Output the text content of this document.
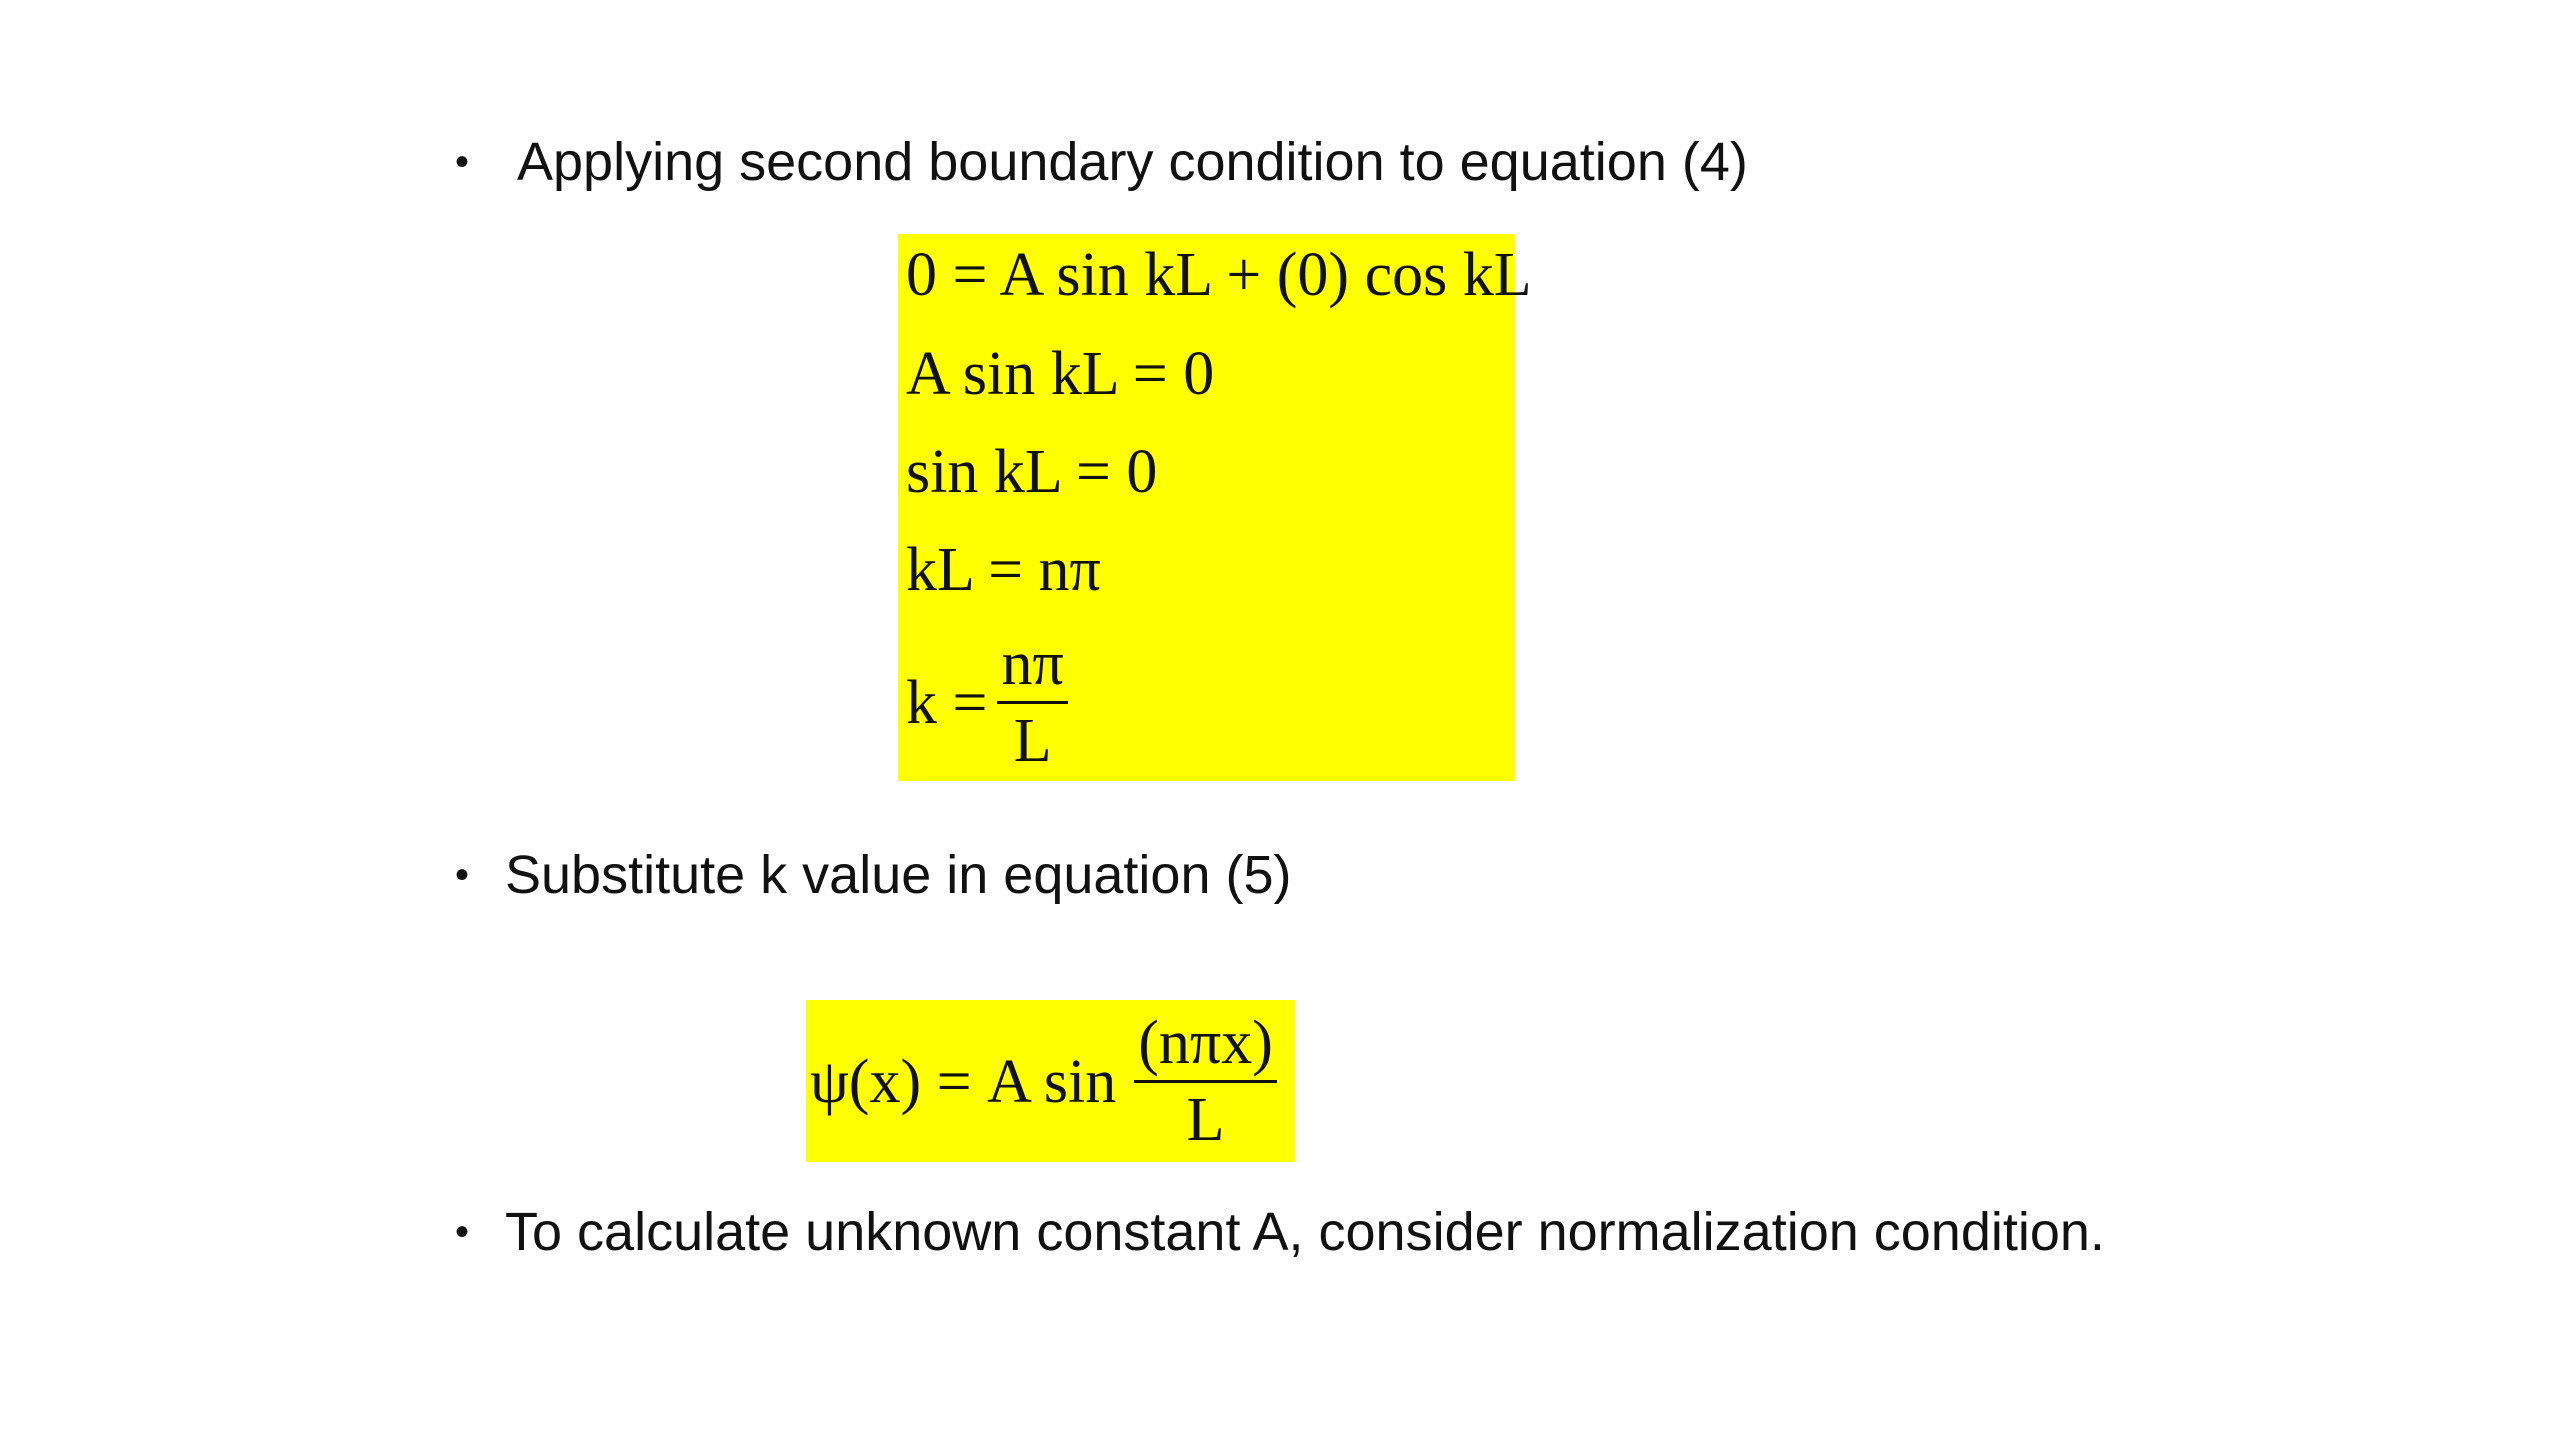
• Applying second boundary condition to equation (4)
0 = A sin kL + (0) cos kL
A sin kL = 0
sin kL = 0
kL = nπ
$k = \frac{n\pi}{L}$
• Substitute k value in equation (5)
ψ(x) = A $\sin \frac{\text{(nπx)}}{L}$
• To calculate unknown constant A, consider normalization condition.
